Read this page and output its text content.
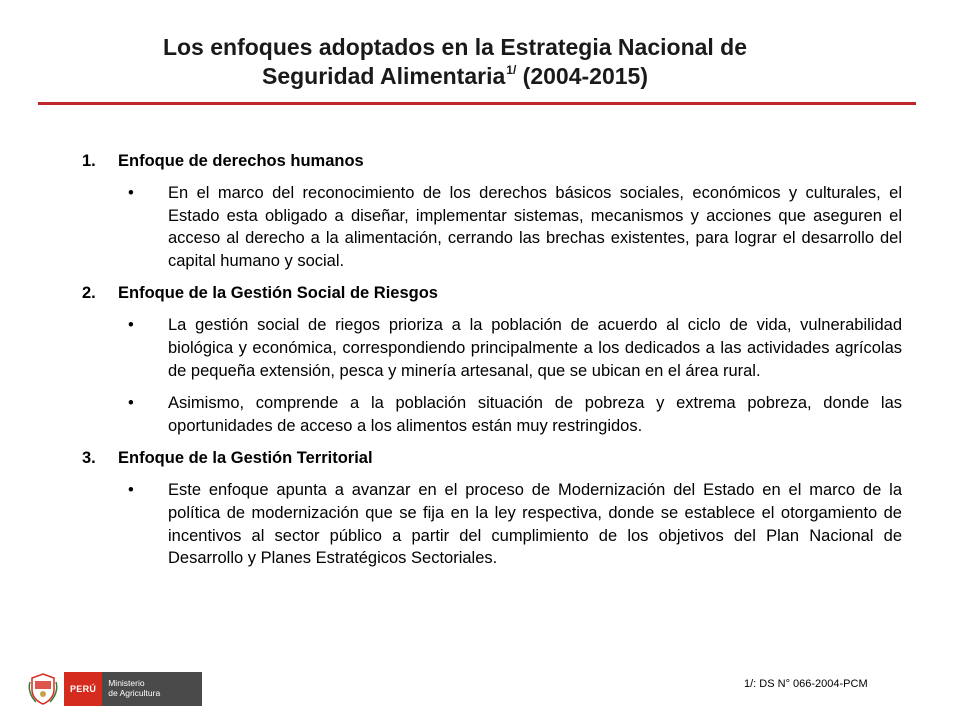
Los enfoques adoptados en la Estrategia Nacional de
Seguridad Alimentaria$^{1/}$ (2004-2015)
1.	Enfoque de derechos humanos
•	En el marco del reconocimiento de los derechos básicos sociales, económicos y culturales, el Estado esta obligado a diseñar, implementar sistemas, mecanismos y acciones que aseguren el acceso al derecho a la alimentación, cerrando las brechas existentes, para lograr el desarrollo del capital humano y social.
2.	Enfoque de la Gestión Social de Riesgos
•	La gestión social de riegos prioriza a la población de acuerdo al ciclo de vida, vulnerabilidad biológica y económica, correspondiendo principalmente a los dedicados a las actividades agrícolas de pequeña extensión, pesca y minería artesanal, que se ubican en el área rural.
•	Asimismo, comprende a la población situación de pobreza y extrema pobreza, donde las oportunidades de acceso a los alimentos están muy restringidos.
3.	Enfoque de la Gestión Territorial
•	Este enfoque apunta a avanzar en el proceso de Modernización del Estado en el marco de la política de modernización que se fija en la ley respectiva, donde se establece el otorgamiento de incentivos al sector público a partir del cumplimiento de los objetivos del Plan Nacional de Desarrollo y Planes Estratégicos Sectoriales.
PERÚ
Ministerio
de Agricultura
1/: DS N° 066-2004-PCM
